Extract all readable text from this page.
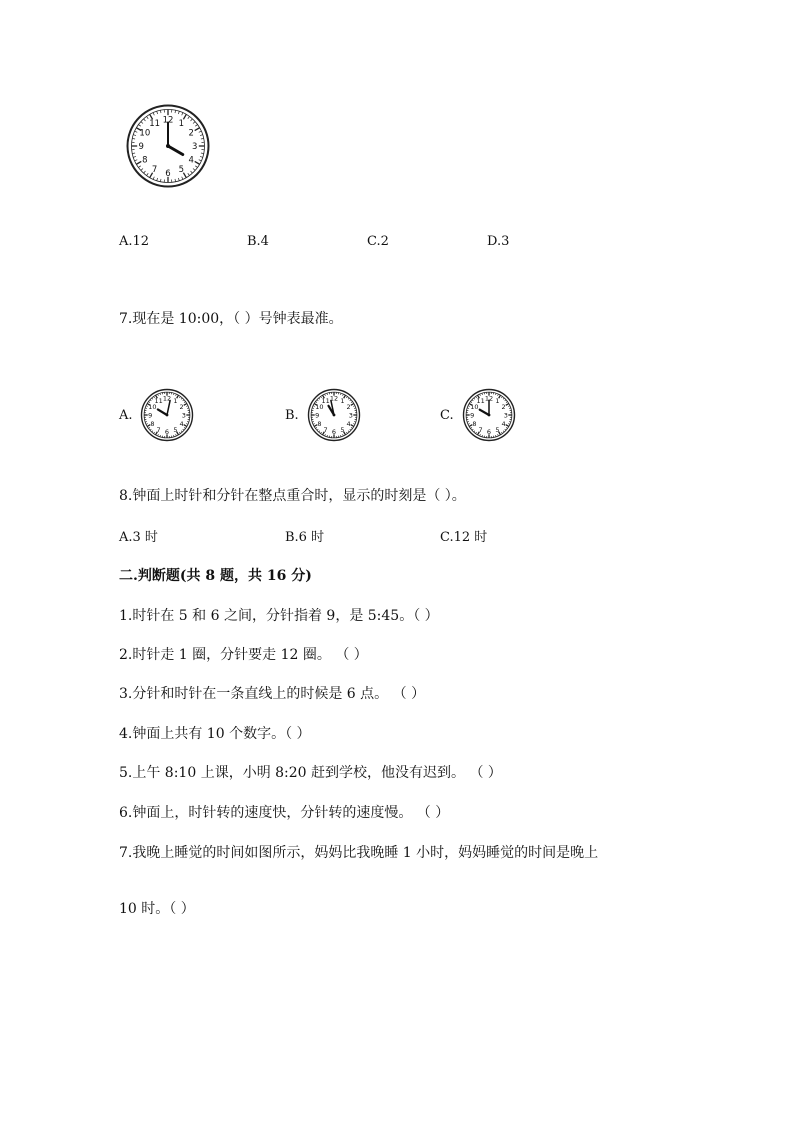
1
2
3
4
5
6
7
8
9
10
11 12
A.12	B.4	C.2	D.3
7.现在是 10:00，（ ）号钟表最准。
A.
1
2
3
4
5
6
7
8
9
10
11 12
B.
1
2
3
4
5
6
7
8
9
10
11 12
C.
1
2
3
4
5
6
7
8
9
10
11 12
8.钟面上时针和分针在整点重合时，显示的时刻是（ ）。
A.3 时	B.6 时	C.12 时
二.判断题(共 8 题，共 16 分)
1.时针在 5 和 6 之间，分针指着 9，是 5:45。（ ）
2.时针走 1 圈，分针要走 12 圈。 （ ）
3.分针和时针在一条直线上的时候是 6 点。 （ ）
4.钟面上共有 10 个数字。（ ）
5.上午 8:10 上课，小明 8:20 赶到学校，他没有迟到。 （ ）
6.钟面上，时针转的速度快，分针转的速度慢。 （ ）
7.我晚上睡觉的时间如图所示，妈妈比我晚睡 1 小时，妈妈睡觉的时间是晚上
10 时。（ ）
